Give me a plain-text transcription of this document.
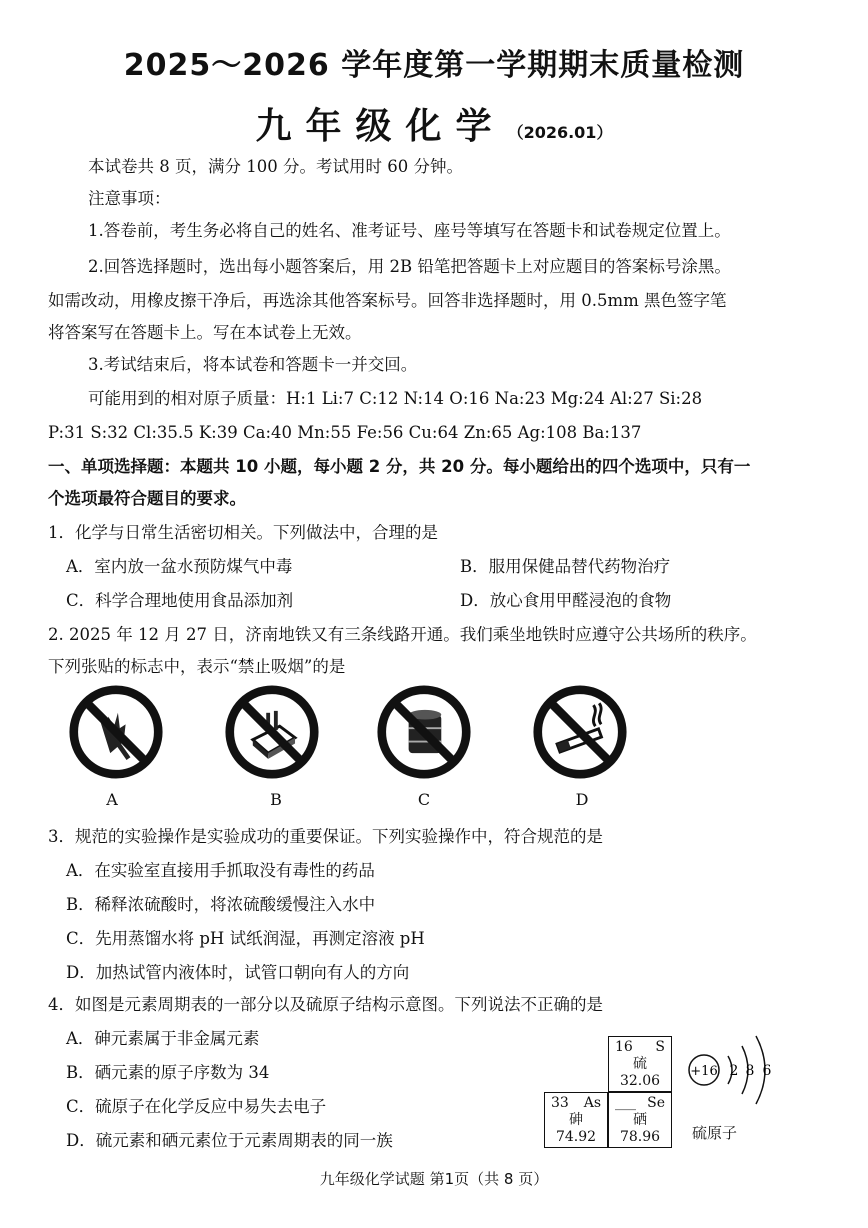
2025～2026 学年度第一学期期末质量检测
九年级化学 （2026.01）
本试卷共 8 页，满分 100 分。考试用时 60 分钟。
注意事项：
1.答卷前，考生务必将自己的姓名、准考证号、座号等填写在答题卡和试卷规定位置上。
2.回答选择题时，选出每小题答案后，用 2B 铅笔把答题卡上对应题目的答案标号涂黑。
如需改动，用橡皮擦干净后，再选涂其他答案标号。回答非选择题时，用 0.5mm 黑色签字笔
将答案写在答题卡上。写在本试卷上无效。
3.考试结束后，将本试卷和答题卡一并交回。
可能用到的相对原子质量：H:1 Li:7 C:12 N:14 O:16 Na:23 Mg:24 Al:27 Si:28
P:31 S:32 Cl:35.5 K:39 Ca:40 Mn:55 Fe:56 Cu:64 Zn:65 Ag:108 Ba:137
一、单项选择题：本题共 10 小题，每小题 2 分，共 20 分。每小题给出的四个选项中，只有一
个选项最符合题目的要求。
1．化学与日常生活密切相关。下列做法中，合理的是
A．室内放一盆水预防煤气中毒	B．服用保健品替代药物治疗
C．科学合理地使用食品添加剂	D．放心食用甲醛浸泡的食物
2. 2025 年 12 月 27 日，济南地铁又有三条线路开通。我们乘坐地铁时应遵守公共场所的秩序。
下列张贴的标志中，表示“禁止吸烟”的是
A	B	C	D
3．规范的实验操作是实验成功的重要保证。下列实验操作中，符合规范的是
A．在实验室直接用手抓取没有毒性的药品
B．稀释浓硫酸时，将浓硫酸缓慢注入水中
C．先用蒸馏水将 pH 试纸润湿，再测定溶液 pH
D．加热试管内液体时，试管口朝向有人的方向
4．如图是元素周期表的一部分以及硫原子结构示意图。下列说法不正确的是
A．砷元素属于非金属元素
B．硒元素的原子序数为 34
C．硫原子在化学反应中易失去电子
D．硫元素和硒元素位于元素周期表的同一族
16 S
硫
32.06
33 As
砷
74.92
___ Se
硒
78.96
+16 2 8 6
硫原子
九年级化学试题 第1页（共 8 页）
